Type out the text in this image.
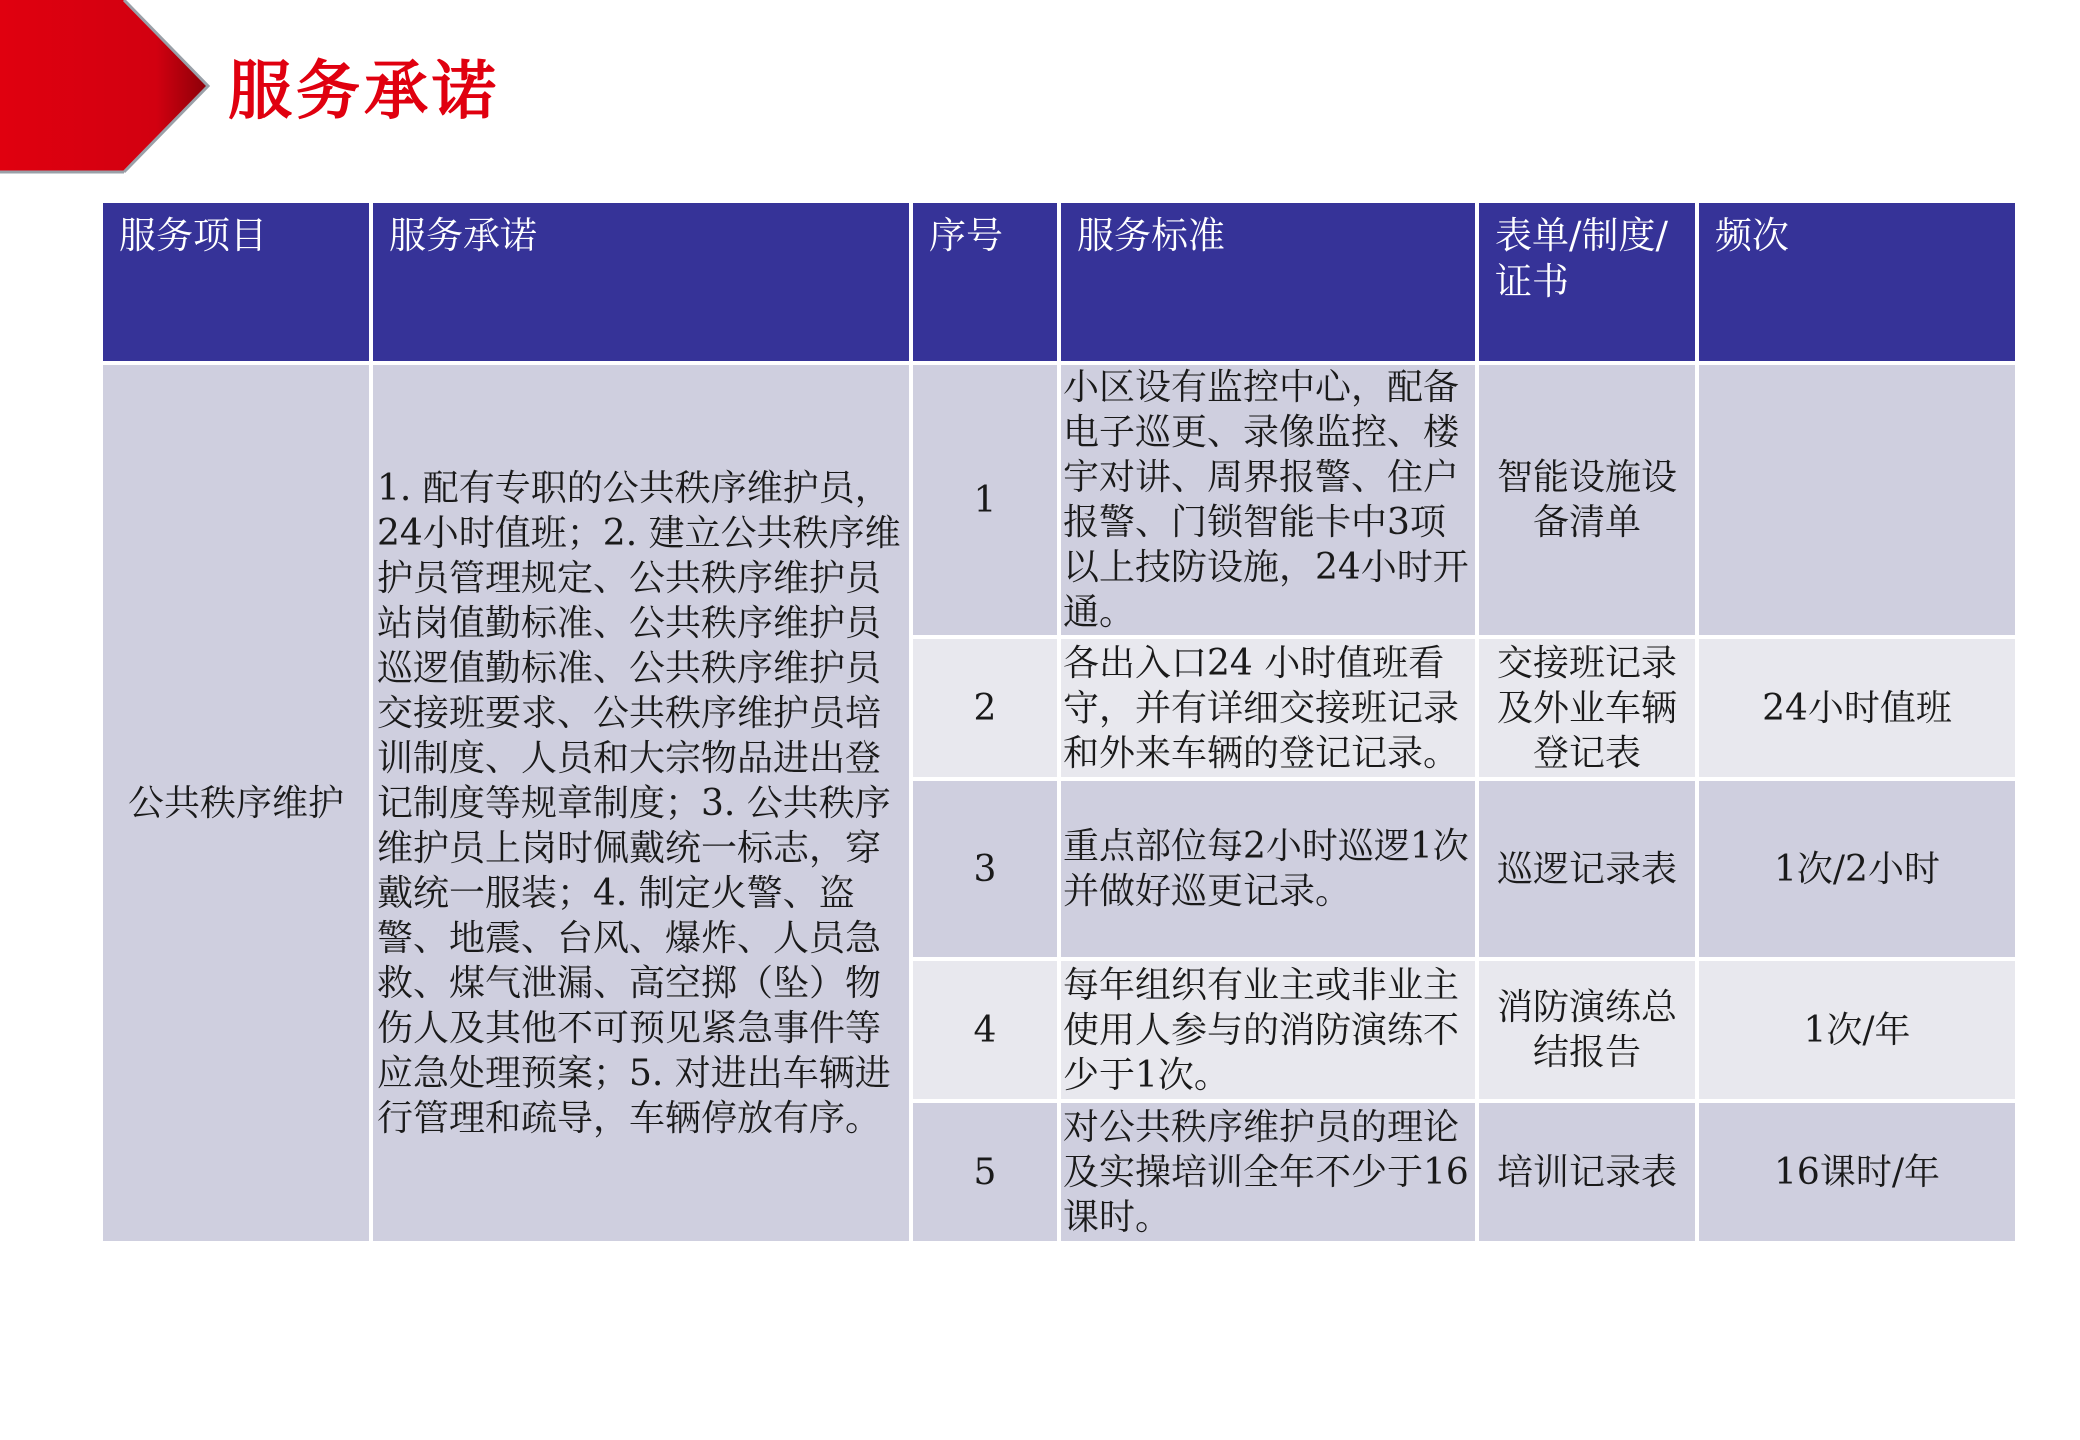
服务承诺
服务项目	服务承诺	序号	服务标准	表单/制度/证书	频次
公共秩序维护	1. 配有专职的公共秩序维护员，24小时值班；2. 建立公共秩序维护员管理规定、公共秩序维护员站岗值勤标准、公共秩序维护员巡逻值勤标准、公共秩序维护员交接班要求、公共秩序维护员培训制度、人员和大宗物品进出登记制度等规章制度；3. 公共秩序维护员上岗时佩戴统一标志，穿戴统一服装；4. 制定火警、盗警、地震、台风、爆炸、人员急救、煤气泄漏、高空掷（坠）物伤人及其他不可预见紧急事件等应急处理预案；5. 对进出车辆进行管理和疏导，车辆停放有序。	1	小区设有监控中心，配备电子巡更、录像监控、楼宇对讲、周界报警、住户报警、门锁智能卡中3项以上技防设施，24小时开通。	智能设施设备清单	
		2	各出入口24 小时值班看守，并有详细交接班记录和外来车辆的登记记录。	交接班记录及外业车辆登记表	24小时值班
		3	重点部位每2小时巡逻1次并做好巡更记录。	巡逻记录表	1次/2小时
		4	每年组织有业主或非业主使用人参与的消防演练不少于1次。	消防演练总结报告	1次/年
		5	对公共秩序维护员的理论及实操培训全年不少于16课时。	培训记录表	16课时/年
